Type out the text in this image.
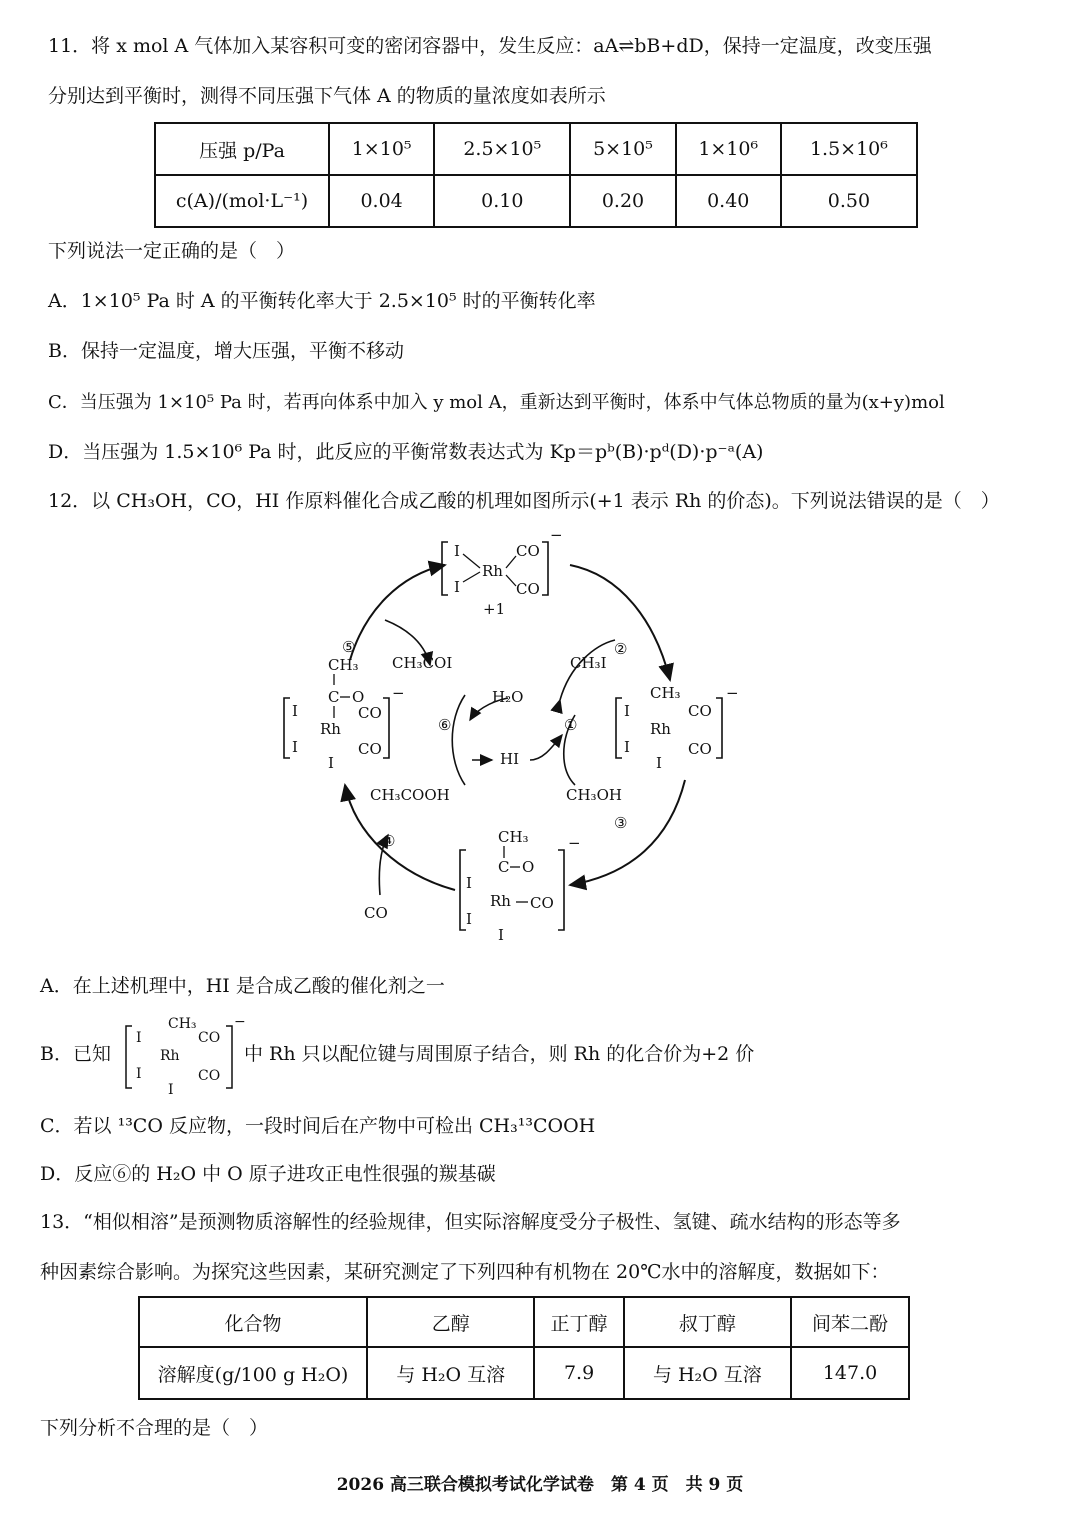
11．将 x mol A 气体加入某容积可变的密闭容器中，发生反应：aA⇌bB+dD，保持一定温度，改变压强
分别达到平衡时，测得不同压强下气体 A 的物质的量浓度如表所示
压强 p/Pa	1×10⁵	2.5×10⁵	5×10⁵	1×10⁶	1.5×10⁶
c(A)/(mol·L⁻¹)	0.04	0.10	0.20	0.40	0.50
下列说法一定正确的是（　）
A．1×10⁵ Pa 时 A 的平衡转化率大于 2.5×10⁵ 时的平衡转化率
B．保持一定温度，增大压强，平衡不移动
C．当压强为 1×10⁵ Pa 时，若再向体系中加入 y mol A，重新达到平衡时，体系中气体总物质的量为(x+y)mol
D．当压强为 1.5×10⁶ Pa 时，此反应的平衡常数表达式为 Kp＝pᵇ(B)·pᵈ(D)·p⁻ᵃ(A)
12．以 CH₃OH，CO，HI 作原料催化合成乙酸的机理如图所示(+1 表示 Rh 的价态)。下列说法错误的是（　）
I
I
Rh
CO
CO
−
+1
CH₃
C O
I
I
Rh
CO
CO
I
−	CH₃
I
I
Rh
CO
CO
I
−
CH₃
C O
I
I
Rh CO
I
−
CH₃COI	CH₃I
H₂O
HI
CH₃COOH	CH₃OH
CO
①
②
③
④
⑤
⑥
A．在上述机理中，HI 是合成乙酸的催化剂之一
B．已知
CH₃
I
I
Rh
CO
CO
I
−
中 Rh 只以配位键与周围原子结合，则 Rh 的化合价为+2 价
C．若以 ¹³CO 反应物，一段时间后在产物中可检出 CH₃¹³COOH
D．反应⑥的 H₂O 中 O 原子进攻正电性很强的羰基碳
13．“相似相溶”是预测物质溶解性的经验规律，但实际溶解度受分子极性、氢键、疏水结构的形态等多
种因素综合影响。为探究这些因素，某研究测定了下列四种有机物在 20℃水中的溶解度，数据如下：
化合物	乙醇	正丁醇	叔丁醇	间苯二酚
溶解度(g/100 g H₂O)	与 H₂O 互溶	7.9	与 H₂O 互溶	147.0
下列分析不合理的是（　）
2026 高三联合模拟考试化学试卷　第 4 页　共 9 页
